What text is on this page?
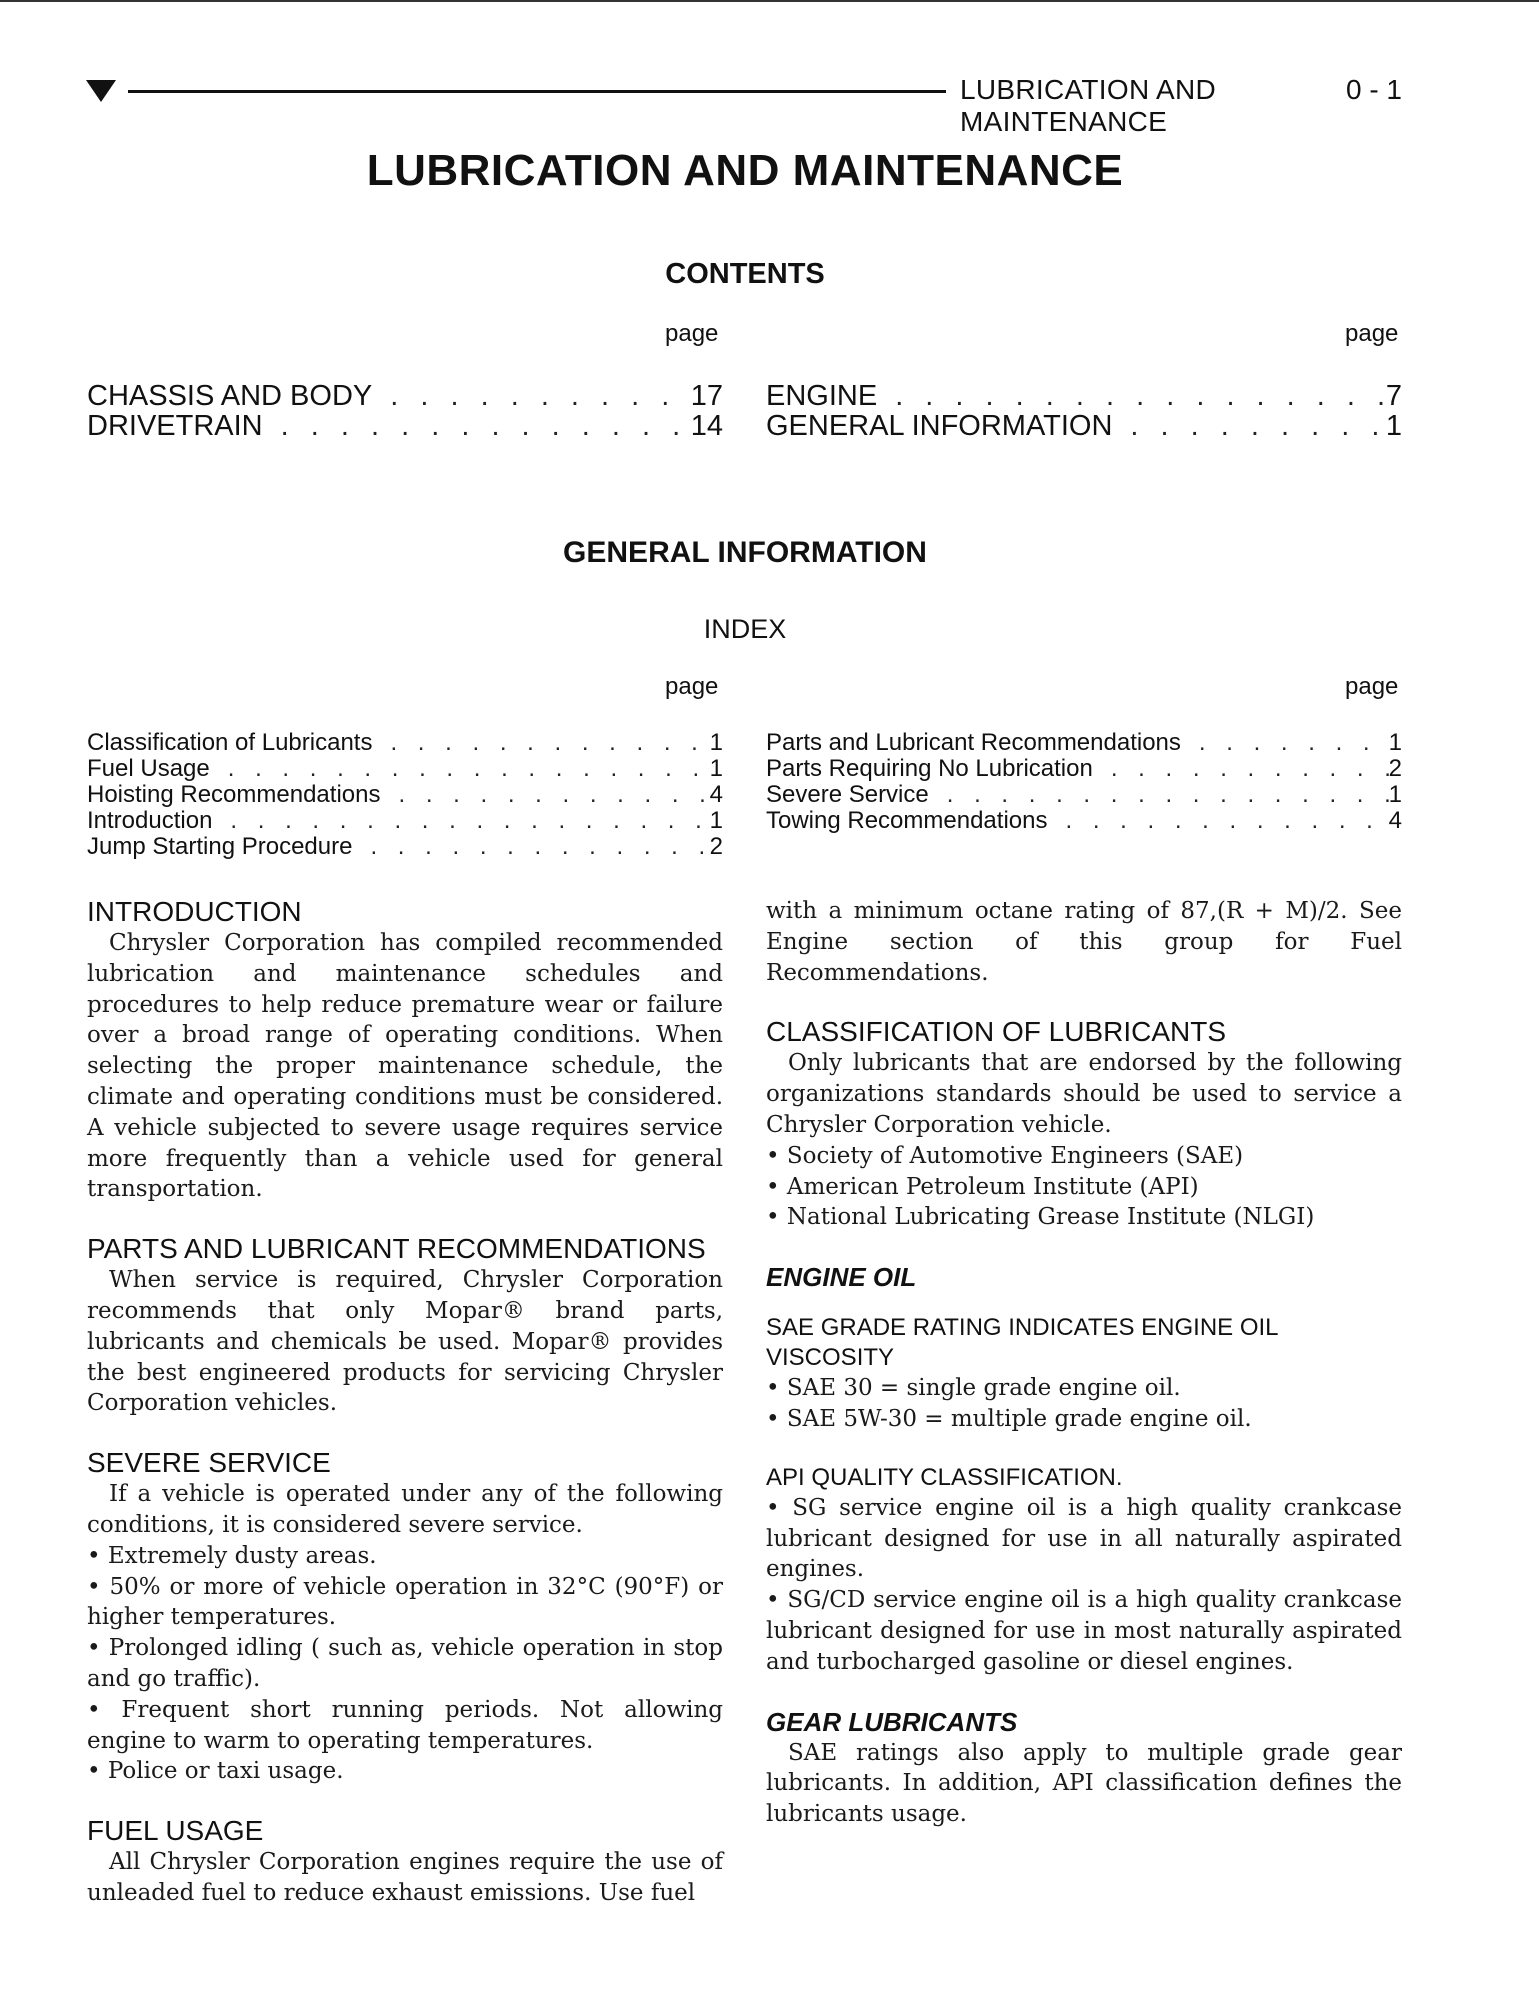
LUBRICATION AND MAINTENANCE
0 - 1
LUBRICATION AND MAINTENANCE
CONTENTS
page	page
CHASSIS AND BODY . . .	17
DRIVETRAIN . . .	14
ENGINE . . .	7
GENERAL INFORMATION . . .	1
GENERAL INFORMATION
INDEX
page	page
Classification of Lubricants . . .	1
Fuel Usage . . .	1
Hoisting Recommendations . . .	4
Introduction . . .	1
Jump Starting Procedure . . .	2
Parts and Lubricant Recommendations . . .	1
Parts Requiring No Lubrication . . .	2
Severe Service . . .	1
Towing Recommendations . . .	4
INTRODUCTION

Chrysler Corporation has compiled recommended lubrication and maintenance schedules and procedures to help reduce premature wear or failure over a broad range of operating conditions. When selecting the proper maintenance schedule, the climate and operating conditions must be considered. A vehicle subjected to severe usage requires service more frequently than a vehicle used for general transportation.

PARTS AND LUBRICANT RECOMMENDATIONS

When service is required, Chrysler Corporation recommends that only Mopar® brand parts, lubricants and chemicals be used. Mopar® provides the best engineered products for servicing Chrysler Corporation vehicles.

SEVERE SERVICE

If a vehicle is operated under any of the following conditions, it is considered severe service.

• Extremely dusty areas.

• 50% or more of vehicle operation in 32°C (90°F) or higher temperatures.

• Prolonged idling ( such as, vehicle operation in stop and go traffic).

• Frequent short running periods. Not allowing engine to warm to operating temperatures.

• Police or taxi usage.

FUEL USAGE

All Chrysler Corporation engines require the use of unleaded fuel to reduce exhaust emissions. Use fuel

with a minimum octane rating of 87,(R + M)/2. See Engine section of this group for Fuel Recommendations.

CLASSIFICATION OF LUBRICANTS

Only lubricants that are endorsed by the following organizations standards should be used to service a Chrysler Corporation vehicle.

• Society of Automotive Engineers (SAE)

• American Petroleum Institute (API)

• National Lubricating Grease Institute (NLGI)

ENGINE OIL
SAE GRADE RATING INDICATES ENGINE OIL VISCOSITY

• SAE 30 = single grade engine oil.

• SAE 5W-30 = multiple grade engine oil.

API QUALITY CLASSIFICATION.

• SG service engine oil is a high quality crankcase lubricant designed for use in all naturally aspirated engines.

• SG/CD service engine oil is a high quality crankcase lubricant designed for use in most naturally aspirated and turbocharged gasoline or diesel engines.

GEAR LUBRICANTS

SAE ratings also apply to multiple grade gear lubricants. In addition, API classification defines the lubricants usage.
